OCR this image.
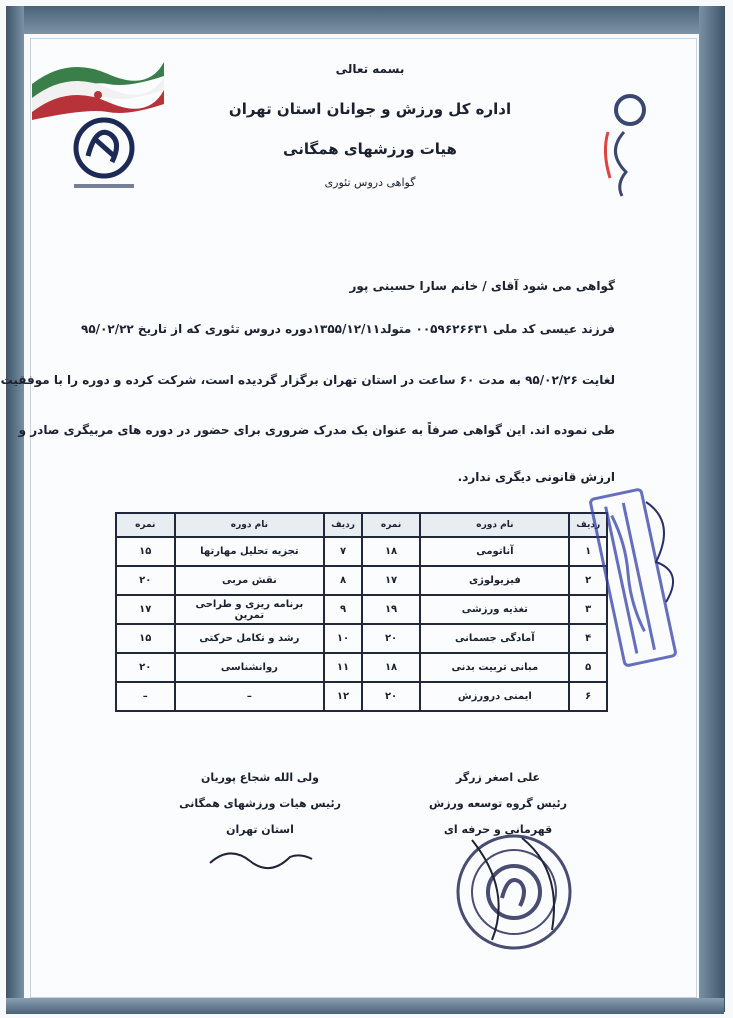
بسمه تعالی
اداره کل ورزش و جوانان استان تهران
هیات ورزشهای همگانی
گواهی دروس تئوری
گواهی می شود آقای / خانم سارا حسینی پور
فرزند عیسی کد ملی ۰۰۵۹۶۲۶۶۳۱ متولد۱۳۵۵/۱۲/۱۱دوره دروس تئوری که از تاریخ ۹۵/۰۲/۲۲
لغایت ۹۵/۰۲/۲۶ به مدت ۶۰ ساعت در استان تهران برگزار گردیده است، شرکت کرده و دوره را با موفقیت
طی نموده اند. این گواهی صرفاً به عنوان یک مدرک ضروری برای حضور در دوره های مربیگری صادر و
ارزش قانونی دیگری ندارد.
ردیف	نام دوره	نمره	ردیف	نام دوره	نمره
۱	آناتومی	۱۸	۷	تجزیه تحلیل مهارتها	۱۵
۲	فیزیولوژی	۱۷	۸	نقش مربی	۲۰
۳	تغذیه ورزشی	۱۹	۹	برنامه ریزی و طراحی تمرین	۱۷
۴	آمادگی جسمانی	۲۰	۱۰	رشد و تکامل حرکتی	۱۵
۵	مبانی تربیت بدنی	۱۸	۱۱	روانشناسی	۲۰
۶	ایمنی درورزش	۲۰	۱۲	–	–
ولی الله شجاع پوریان
رئیس هیات ورزشهای همگانی
استان تهران
علی اصغر زرگر
رئیس گروه توسعه ورزش
قهرمانی و حرفه ای
